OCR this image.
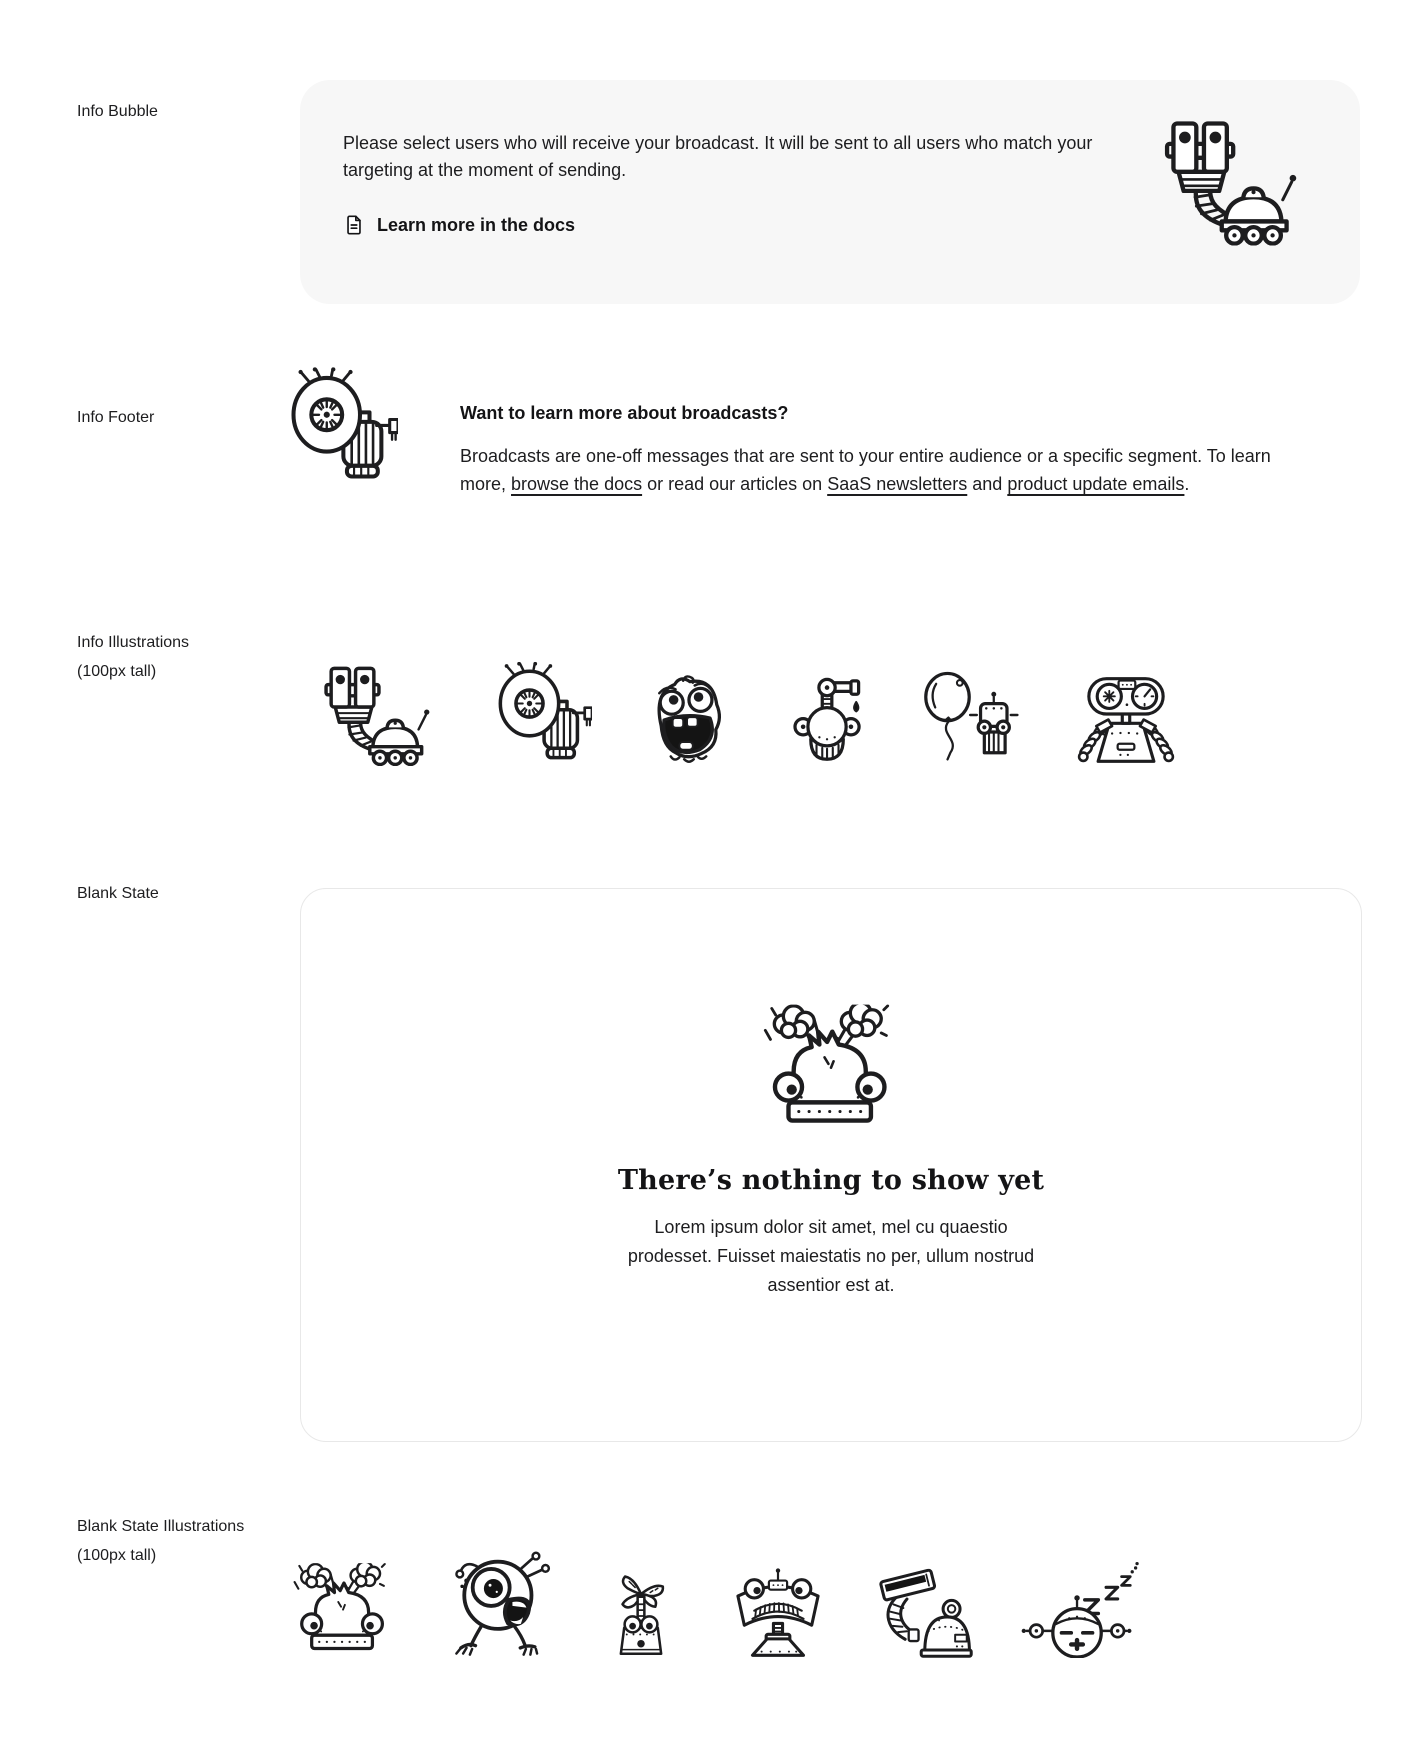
Info Bubble
Please select users who will receive your broadcast. It will be sent to all users who match your targeting at the moment of sending.
Learn more in the docs
Info Footer	Want to learn more about broadcasts?

Broadcasts are one-off messages that are sent to your entire audience or a specific segment. To learn more, browse the docs or read our articles on SaaS newsletters and product update emails.

Info Illustrations
(100px tall)
Blank State
There’s nothing to show yet

Lorem ipsum dolor sit amet, mel cu quaestio prodesset. Fuisset maiestatis no per, ullum nostrud assentior est at.

Blank State Illustrations
(100px tall)
